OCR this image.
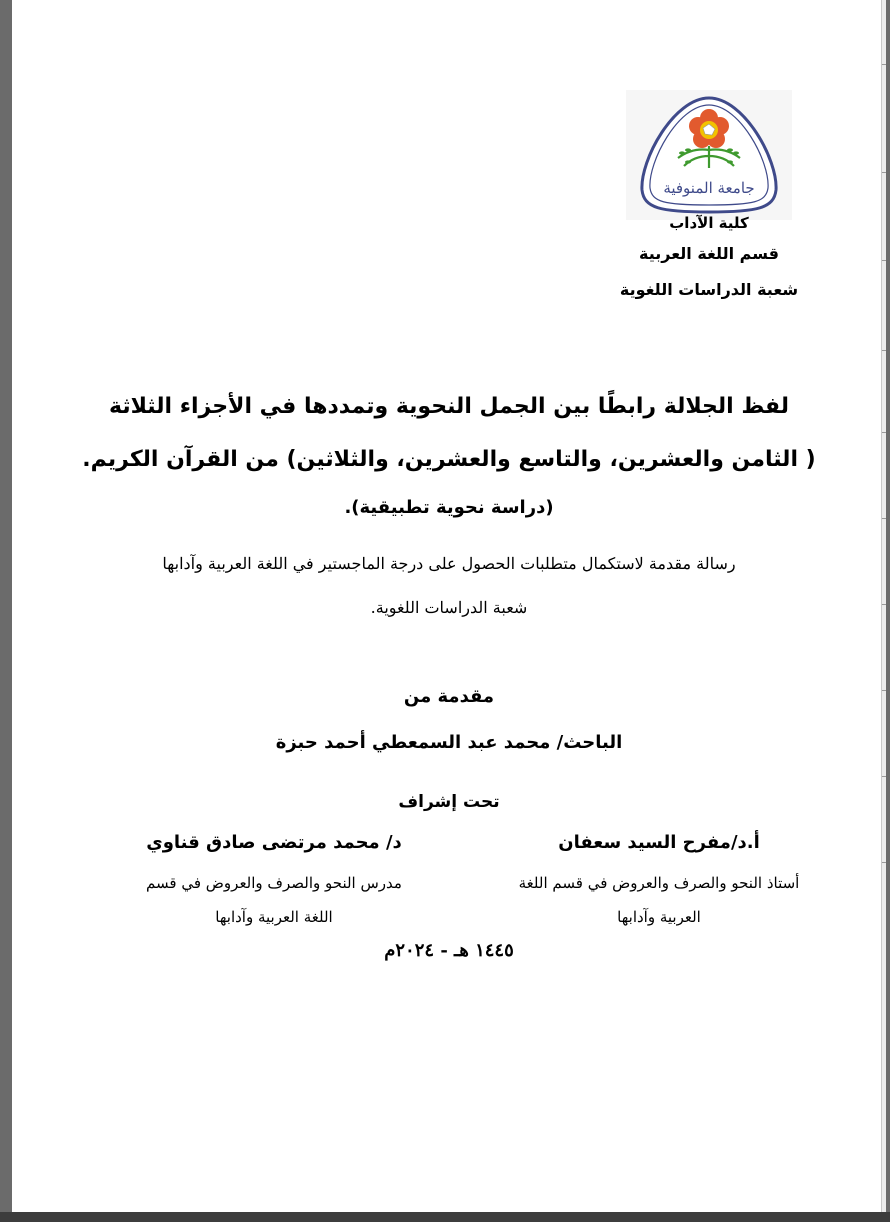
جامعة المنوفية
كلية الآداب
قسم اللغة العربية
شعبة الدراسات اللغوية
لفظ الجلالة رابطًا بين الجمل النحوية وتمددها في الأجزاء الثلاثة
( الثامن والعشرين، والتاسع والعشرين، والثلاثين) من القرآن الكريم.
(دراسة نحوية تطبيقية).
رسالة مقدمة لاستكمال متطلبات الحصول على درجة الماجستير في اللغة العربية وآدابها
شعبة الدراسات اللغوية.
مقدمة من
الباحث/ محمد عبد السمعطي أحمد حبزة
تحت إشراف
أ.د/مفرح السيد سعفان
أستاذ النحو والصرف والعروض في قسم اللغة
العربية وآدابها
د/ محمد مرتضى صادق قناوي
مدرس النحو والصرف والعروض في قسم
اللغة العربية وآدابها
١٤٤٥ هـ - ٢٠٢٤م
